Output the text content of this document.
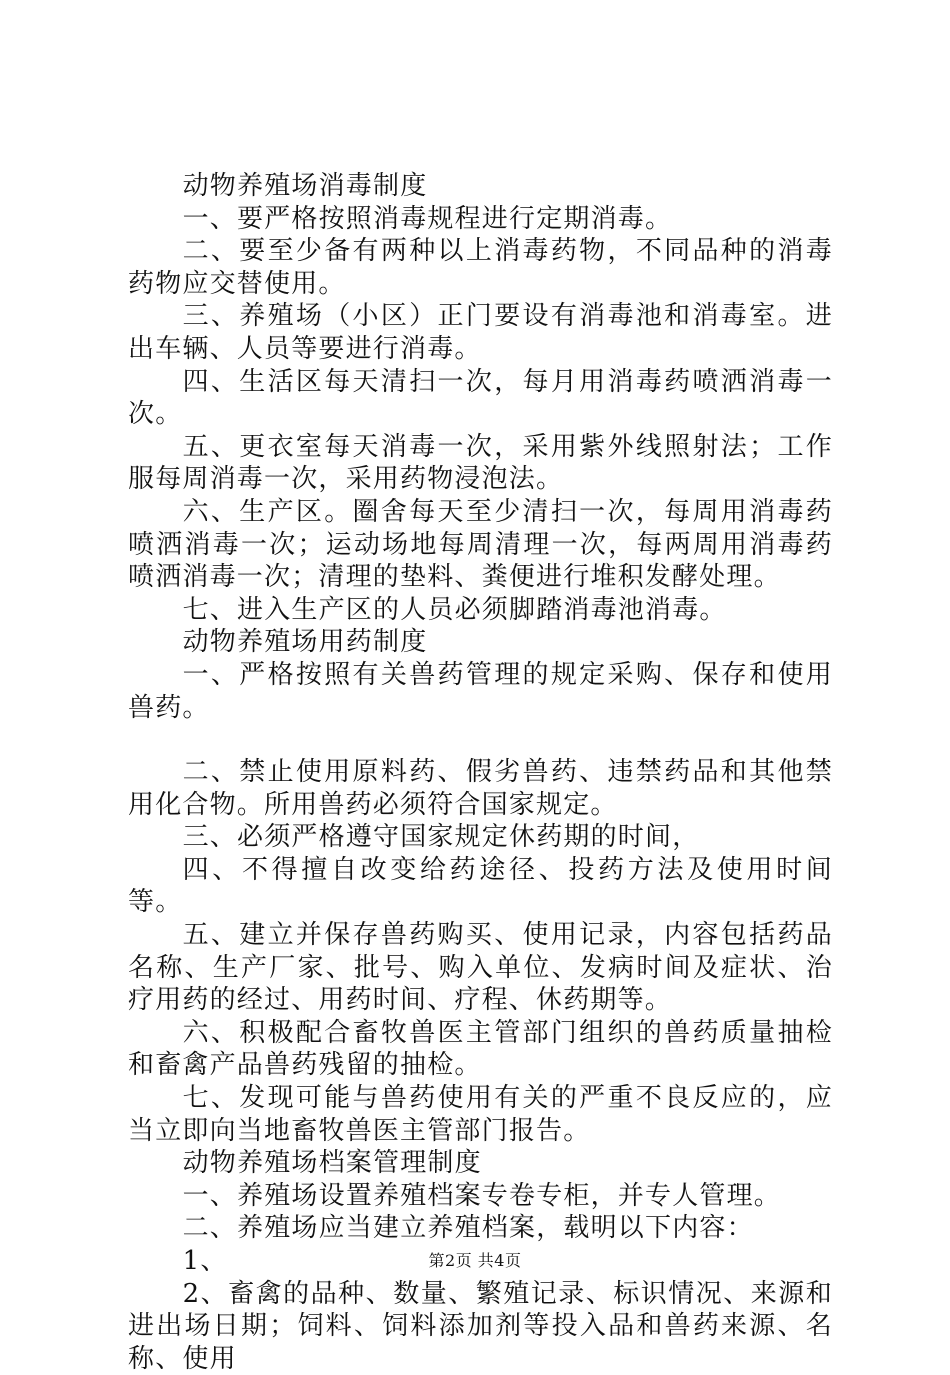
动物养殖场消毒制度

一、要严格按照消毒规程进行定期消毒。

二、要至少备有两种以上消毒药物，不同品种的消毒药物应交替使用。

三、养殖场（小区）正门要设有消毒池和消毒室。进出车辆、人员等要进行消毒。

四、生活区每天清扫一次，每月用消毒药喷洒消毒一次。

五、更衣室每天消毒一次，采用紫外线照射法；工作服每周消毒一次，采用药物浸泡法。

六、生产区。圈舍每天至少清扫一次，每周用消毒药喷洒消毒一次；运动场地每周清理一次，每两周用消毒药喷洒消毒一次；清理的垫料、粪便进行堆积发酵处理。

七、进入生产区的人员必须脚踏消毒池消毒。

动物养殖场用药制度

一、严格按照有关兽药管理的规定采购、保存和使用兽药。

二、禁止使用原料药、假劣兽药、违禁药品和其他禁用化合物。所用兽药必须符合国家规定。

三、必须严格遵守国家规定休药期的时间，

四、不得擅自改变给药途径、投药方法及使用时间等。

五、建立并保存兽药购买、使用记录，内容包括药品名称、生产厂家、批号、购入单位、发病时间及症状、治疗用药的经过、用药时间、疗程、休药期等。

六、积极配合畜牧兽医主管部门组织的兽药质量抽检和畜禽产品兽药残留的抽检。

七、发现可能与兽药使用有关的严重不良反应的，应当立即向当地畜牧兽医主管部门报告。

动物养殖场档案管理制度

一、养殖场设置养殖档案专卷专柜，并专人管理。

二、养殖场应当建立养殖档案，载明以下内容：

1、

2、畜禽的品种、数量、繁殖记录、标识情况、来源和进出场日期；饲料、饲料添加剂等投入品和兽药来源、名称、使用

第2页 共4页
